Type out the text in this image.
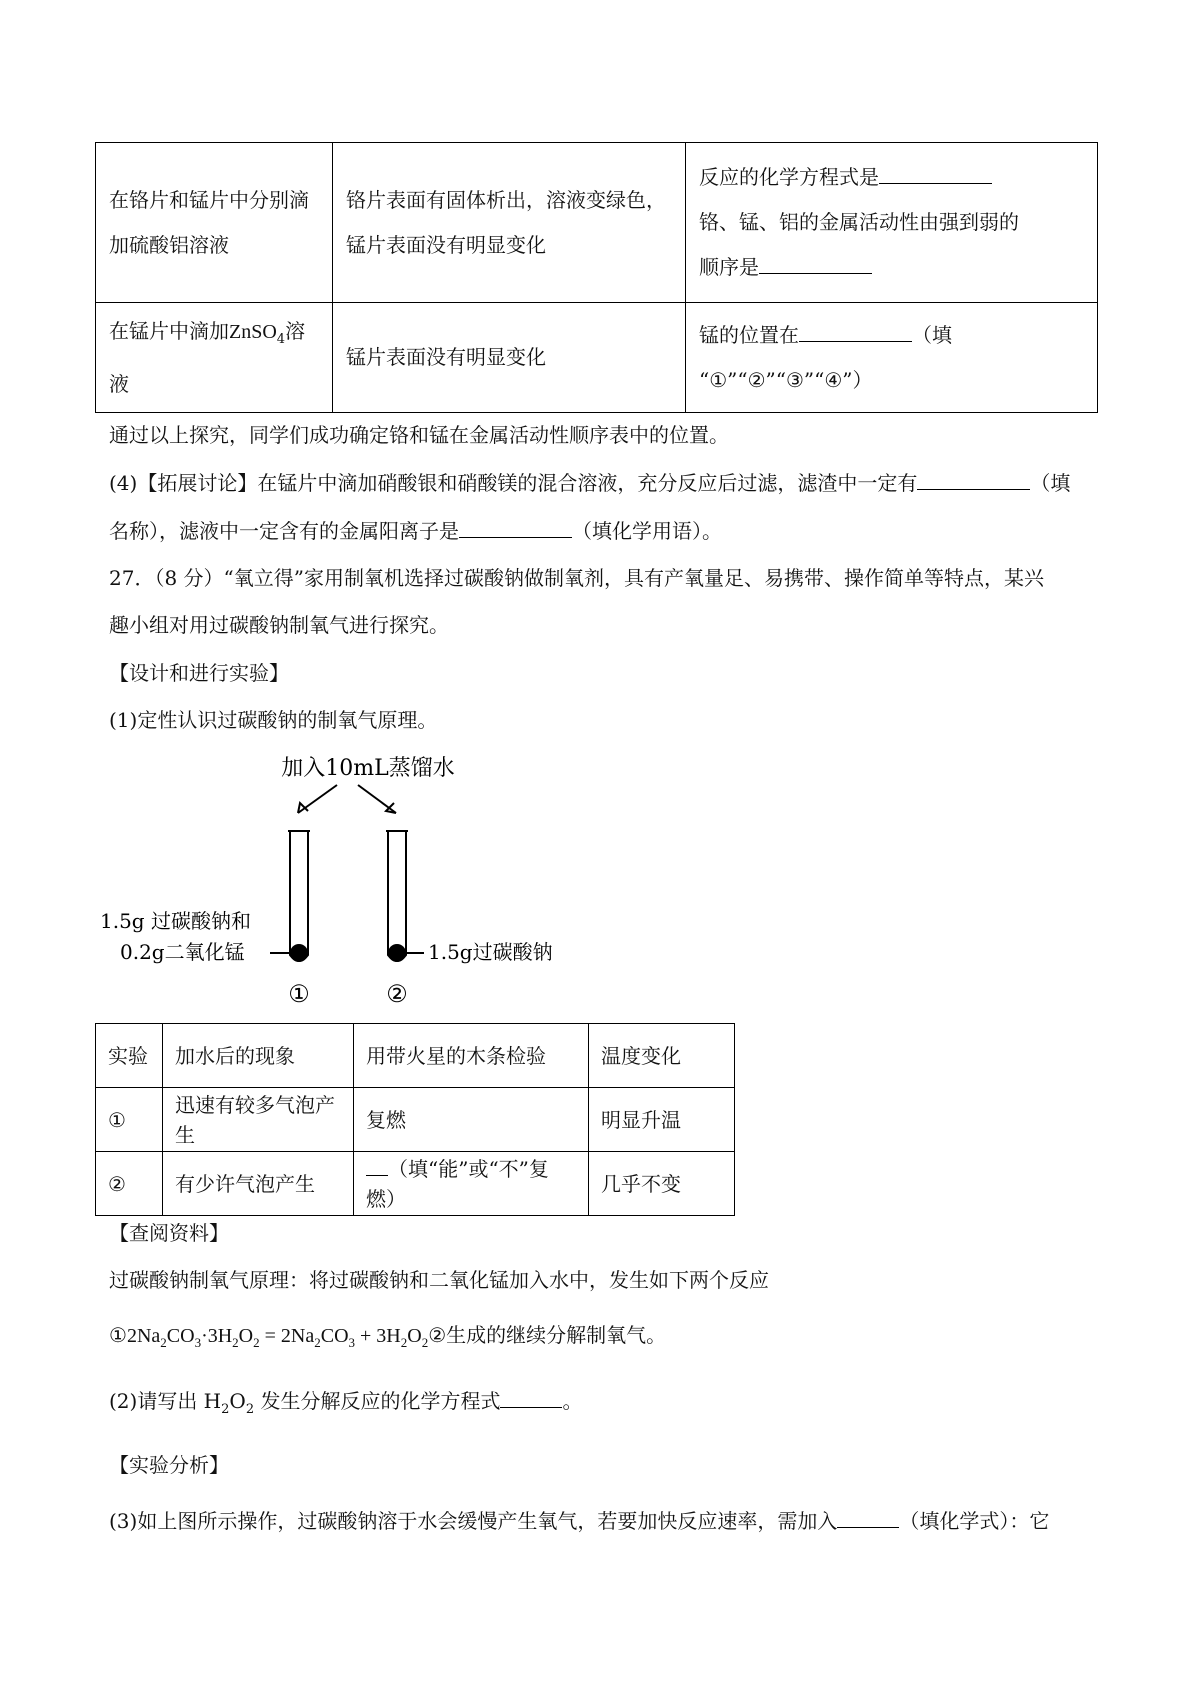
在铬片和锰片中分别滴加硫酸铝溶液	铬片表面有固体析出，溶液变绿色，锰片表面没有明显变化	反应的化学方程式是
铬、锰、铝的金属活动性由强到弱的
顺序是

在锰片中滴加ZnSO$_4$溶液	锰片表面没有明显变化	锰的位置在 （填
“①”“②”“③”“④”）
通过以上探究，同学们成功确定铬和锰在金属活动性顺序表中的位置。
(4)【拓展讨论】在锰片中滴加硝酸银和硝酸镁的混合溶液，充分反应后过滤，滤渣中一定有	（填
名称），滤液中一定含有的金属阳离子是	（填化学用语）。
27．（8 分）“氧立得”家用制氧机选择过碳酸钠做制氧剂，具有产氧量足、易携带、操作简单等特点，某兴
趣小组对用过碳酸钠制氧气进行探究。
【设计和进行实验】
(1)定性认识过碳酸钠的制氧气原理。
加入10mL蒸馏水
1.5g 过碳酸钠和
0.2g二氧化锰	1.5g过碳酸钠
①	②
实验	加水后的现象	用带火星的木条检验	温度变化
①	迅速有较多气泡产生	复燃	明显升温
②	有少许气泡产生	（填“能”或“不”复燃）	几乎不变
【查阅资料】
过碳酸钠制氧气原理：将过碳酸钠和二氧化锰加入水中，发生如下两个反应
$①2Na_2CO_3\cdot 3H_2O_2 = 2Na_2CO_3$ + $3H_2O_2②$生成的继续分解制氧气。
(2)请写出 $H_2O_2$ 发生分解反应的化学方程式	。
【实验分析】
(3)如上图所示操作，过碳酸钠溶于水会缓慢产生氧气，若要加快反应速率，需加入	（填化学式）：它
